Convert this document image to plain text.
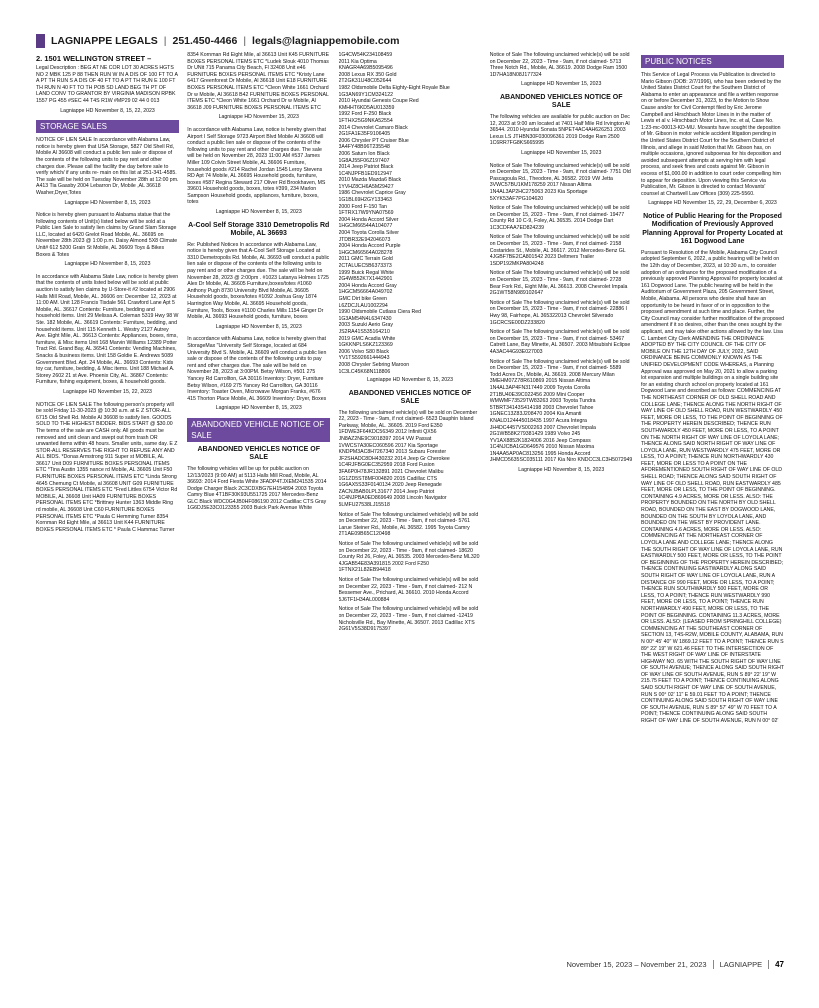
LAGNIAPPE LEGALS | 251.450-4466 | legals@lagniappemobile.com
2. 1501 WELLINGTON STREET –

Legal Description : BEG AT NE COR LOT 30 ACRES HGTS NO 2 MBK 125 P 88 THEN RUN W IN A DIS OF 100 FT TO A A PT TH RUN S A DIS OF 40 FT TO A PT TH RUN E 100 FT TH RUN N 40 FT TO TH POB SD LAND BEG TH PT OF LAND CONV TO GRANTOR BY VIRGINIA MADISON RPBK 1557 PG 455 #SEC 44 T4S R1W #MP29 02 44 0 013

Lagniappe HD November 8, 15, 22, 2023
STORAGE SALES

NOTICE OF LIEN SALE In accordance with Alabama Law, notice is hereby given that USA Storage, 5827 Old Shell Rd, Mobile Al 36608 will conduct a public lien sale or dispose of the contents of the following units to pay rent and other charges due. Please call the facility the day before sale to verify which/ if any units re- main on this list at 251-341-4585. The sale will be held on Tuesday November 28th at 12:00 pm. A413 Tia Gaasby 2004 Lebarron Dr, Mobile ,AL 36618 Washer,Dryer,Totes

Lagniappe HD November 8, 15, 2023

Notice is hereby given pursuant to Alabama statue that the following contents of Unit(s) listed below will be sold at a Public Lien Sale to satisfy lien claims by Grand Slam Storage LLC, located at 6420 Grelot Road Mobile, AL. 36695 on November 28th 2023 @ 1:00 p.m. Daisy Almond 5X8 Climate Unit# 612 5200 Grain St Mobile, AL 36609 Toys & Bikes Boxes & Totes

Lagniappe HD November 8, 15, 2023

In accordance with Alabama State Law, notice is hereby given that the contents of units listed below will be sold at public auction to satisfy lien claims by U-Store-it #2 located at 2906 Halls Mill Road, Mobile, AL. 36606 on: December 12, 2023 at 11:00 AM. Unit 128 Francis Tisdale 561 Crawford Lane Apt 5 Mobile, AL. 36617 Contents: Furniture, bedding and household items. Unit 29 Melissa A. Coleman 5319 Hwy 98 W Ste. 182 Mobile, AL. 36619 Contents: Furniture, bedding, and household items. Unit 115 Kenneth L. Westry 2127 Autrey Ave. Eight Mile, AL. 36613 Contents: Appliances, boxes, rims, furniture, & Misc items Unit 168 Marvin Williams 12389 Potter Tract Rd. Grand Bay, AL 36541 Contents: Vending Machines, Snacks & business items. Unit 158 Goldie E. Andrews 5089 Government Blvd. Apt. 24 Mobile, AL. 36693 Contents: Kids toy car, furniture, bedding, & Misc items. Unit 188 Michael A. Storey 2602 21 st Ave. Phoenix City, AL. 36867 Contents: Furniture, fishing equipment, boxes, & household goods.

Lagniappe HD November 15, 22, 2023

NOTICE OF LIEN SALE The following person's property will be sold Friday 11-30-2023 @ 10:30 a.m. at E Z STOR-ALL 6715 Old Shell Rd. Mobile Al 36608 to satisfy lien. GOODS SOLD TO THE HIGHEST BIDDER. BIDS START @ $30.00 The terms of the sale are CASH only. All goods must be removed and unit clean and swept out from trash OR unwanted items within 48 hours. Smaller units, same day. E Z STOR-ALL RESERVES THE RIGHT TO REFUSE ANY AND ALL BIDS. *Donas Armstrong 911 Super st MOBILE, AL 36617 Unit D09 FURNITURE BOXES PERSONAL ITEMS ETC *Tina Austin 1355 nance rd Mobile, AL 36605 Unit F50 FURNITURE BOXES PERSONAL ITEMS ETC *Linda Strong 4645 Chemung Ct Mobile, al 36608 UNIT G09 FURNITURE BOXES PERSONAL ITEMS ETC *Fred Littles 6754 Victor Rd MOBILE, AL 36608 Unit HA09 FURNITURE BOXES PERSONAL ITEMS ETC *Brittney Hunter 1363 Middle Ring rd mobile, AL 36608 Unit C60 FURNITURE BOXES PERSONAL ITEMS ETC *Paula C Hemming Turner 8354 Kornman Rd Eight Mile, al 36613 Unit K44 FURNITURE BOXES PERSONAL ITEMS ETC * Paula C Hammac Turner

8354 Kornman Rd Eight Mile, al 36613 Unit K45 FURNITURE BOXES PERSONAL ITEMS ETC *Ludek Slouk 4010 Thomas Dr UNit 715 Panama City Beach, Fl 32408 Unit e46 FURNITURE BOXES PERSONAL ITEMS ETC *Kristy Lane 6417 Greenforest Dr Mobile, Al 36618 Unit E18 FURNITURE BOXES PERSONAL ITEMS ETC *Cleon White 1661 Orchard Dr w Mobile, Al 36618 B42 FURNITURE BOXES PERSONAL ITEMS ETC *Cleon White 1661 Orchard Dr w Mobile, Al 36618 J09 FURNITURE BOXES PERSONAL ITEMS ETC

Lagniappe HD November 15, 2023

In accordance with Alabama Law, notice is hereby given that Airport I Self Storage 9723 Airport Blvd Mobile Al 36608 will conduct a public lien sale or dispose of the contents of the following units to pay rent and other charges due. The sale will be held on November 28, 2023 11:00 AM #537 James Miller 109 Colvin Street Mobile, AL 36606 Furniture, household goods #214 Rachel Jordan 1545 Leroy Stevens RD Apt 74 Mobile, AL 36695 Household goods, furniture, boxes #587 Regina Steward 217 Oliver Rd Brookhaven, MS 39601 Household goods, boxes, totes #399, 234 Marlon Sampson Household goods, appliances, furniture, boxes, totes

Lagniappe HD November 8, 15, 2023
A-Cool Self Storage 3310 Demetropolis Rd Mobile, AL 36693

Re: Published Notices In accordance with Alabama Law, notice is hereby given that A-Cool Self Storage Located at 3310 Demetropolis Rd. Mobile, AL 36693 will conduct a public lien sale or dispose of the contents of the following units to pay rent and or other charges due. The sale will be held on November 28, 2023 @ 2:00pm . #1023 Latanya Holmes 1725 Alex Dr Mobile, AL 36605 Furniture,boxes/totes #1060 Anthony Pugh 8730 University Blvd Mobile,AL 36605 Household goods, boxes/totes #1092 Joshua Gray 1874 Harrington Way Mobile, AL 36695 Household goods, Furniture, Tools, Boxes #1100 Charles Mills 1154 Ginger Dr Mobile, AL 36693 Household goods, furniture, boxes

Lagniappe HD November 8, 15, 2023

In accordance with Alabama Law, notice is hereby given that StorageMax "University Self Storage, located at 684 University Blvd S. Mobile, AL 36609 will conduct a public lien sale or dispose of the contents of the following units to pay rent and other charges due. The sale will be held on November 28, 2023 at 3:00PM. Betsy Wilson, #501 275 Yancey Rd Carrollton, GA 30116 Inventory: Dryer, Furniture Betsy Wilson, #169 275 Yancey Rd Carrollton, GA 30116 Inventory: Toaster Oven, Microwave Morgan Franks, #676 415 Thorton Place Mobile, AL 36609 Inventory: Dryer, Boxes

Lagniappe HD November 8, 15, 2023
ABANDONED VEHICLE NOTICE OF SALE
ABANDONED VEHICLES NOTICE OF SALE

The following vehicles will be up for public auction on 12/13/2023 (9:00 AM) at 5113 Halls Mill Road, Mobile, AL 36693: 2014 Ford Fiesta White 3FADP4TJXEM241535 2014 Dodge Charger Black 2C3CDXBG7EH154894 2003 Toyota Camry Blue 4T1BF30K93U551725 2017 Mercedes-Benz GLC Black WDC0G4JB0HF086190 2012 Cadillac CTS Gray 1G6DJ5E33C0123355 2003 Buick Park Avenue White

1G4CW54K234108459
2011 Kia Optima
KNAGR4A69B5095496
2008 Lexus RX 350 Gold
2T2GK31U48C052644
1982 Oldsmobile Delta Eighty-Eight Royale Blue
1G3AN69Y1CM324122
2010 Hyundai Genesis Coupe Red
KMHHT6KD5AU013359
1992 Ford F-250 Black
1FTHX25G9NKA52554
2014 Chevrolet Camaro Black
2G1FA1E35F9106405
2006 Chrysler PT Cruiser Blue
3A4FY48B96T235548
2006 Saturn Ion Black
1G8AJ55F06Z197407
2014 Jeep Patriot Black
1C4NJPFB1ED912947
2010 Mazda Mazda6 Black
1YVHZ8CH6A5M29427
1986 Chevrolet Caprice Gray
1G1BL69H2GY133463
2000 Ford F-150 Tan
1FTRX17W9YNA07569
2004 Honda Accord Silver
1HGCM66544A104077
2004 Toyota Corolla Silver
JTDBR32E942046073
2004 Honda Accord Purple
1HGCM66564A028278
2011 GMC Terrain Gold
2CTALUEC5B6373373
1999 Buick Regal White
2G4WB52K7X1442901
2004 Honda Accord Gray
1HGCM56664A049702
GMC Dirt bike Green
L6ZDCJLAU1002294
1990 Oldsmobile Cutlass Ciera Red
1G3AM54N4L6347430
2003 Suzuki Aerio Gray
JS2RA41S535164210
2019 GMC Acadia White
1GKKNPLS6KZ123369
2006 Volvo S80 Black
YV1TS592661444943
2008 Chrysler Sebring Maroon
1C3LC45K68N118806
Lagniappe HD November 8, 15, 2023
ABANDONED VEHICLES NOTICE OF SALE

The following unclaimed vehicle(s) will be sold on December 22, 2023 - Time - 9am, if not claimed- 6523 Dauphin Island Parkway, Mobile, AL. 36605. 2019 Ford E350 1FDWE3F64KDC56349 2012 Infiniti QX56 JN8AZ2NE9C9018397 2014 VW Passat 1VWCS7A30EC060596 2017 Kia Sportage KNDPM3AC8H7267340 2013 Subaru Forester JF2SHADC8DH430232 2014 Jeep Gr Cherokee 1C4RJFBG0EC352959 2018 Ford Fusion 3FA6P0H78JR132891 2021 Chevrolet Malibu 1G1ZD5ST8MF004820 2015 Cadillac CTS 1G6AX5S33F0140134 2020 Jeep Renegade ZACNJBAB0LPL31677 2014 Jeep Patriot 1C4NJPBA0ED869649 2008 Lincoln Navigator 5LMFU27538LJ15518

Notice of Sale The following unclaimed vehicle(s) will be sold on December 22, 2023 - Time - 9am, if not claimed- 5761 Larue Steiner Rd., Mobile, AL 36582. 1995 Toyota Camry 2T1AE09B65C120498

Notice of Sale The following unclaimed vehicle(s) will be sold on December 22, 2023 - Time - 9am, if not claimed- 18620 County Rd 26, Foley, AL 36535. 2003 Mercedes-Benz ML320 4JGAB54E83A391815 2002 Ford F250 1FTNX21L82EB94418

Notice of Sale The following unclaimed vehicle(s) will be sold on December 22, 2023 - Time - 9am, if not claimed- 212 N Bessemer Ave., Prichard, AL 36610. 2010 Honda Accord 5J6TF1H34AL000884

Notice of Sale The following unclaimed vehicle(s) will be sold on December 22, 2023 - Time - 9am, if not claimed -12419 Nicholsville Rd., Bay Minette, AL 36507. 2013 Cadillac XTS 2G61V5S38D9175397

Notice of Sale The following unclaimed vehicle(s) will be sold on December 22, 2023 - Time - 9am, if not claimed- 5713 Three Notch Rd., Mobile, AL 36619. 2008 Dodge Ram 1500 1D7HA18N08J177324

Lagniappe HD November 15, 2023
ABANDONED VEHICLES NOTICE OF SALE

The following vehicles are available for public auction on Dec 12, 2023 at 9:00 am located at 7401 Half Mile Rd Irvington Al 36544. 2010 Hyundai Sonata 5NPET4AC4AH626251 2003 Lexus LS JTHBN30F030096361 2019 Dodge Ram 2500 1C6RR7FG8KS665995

Lagniappe HD November 15, 2023

Notice of Sale The following unclaimed vehicle(s) will be sold on December 15, 2023 - Time - 9am, if not claimed- 7751 Old Pascagoula Rd., Theodore, AL 36582. 2019 VW Jetta 3VWC57BU1KM178259 2017 Nissan Altima 1N4AL3AP2HC275063 2023 Kia Sportage 5XYK53AF7PG104620

Notice of Sale The following unclaimed vehicle(s) will be sold on December 15, 2023 - Time - 9am, if not claimed- 19477 County Rd 10 C-9, Foley, AL 36535. 2014 Dodge Dart 1C3CDFAA7ED824239

Notice of Sale The following unclaimed vehicle(s) will be sold on December 15, 2023 - Time - 9am, if not claimed- 2158 Costarides St., Mobile, AL 36617. 2012 Mercedes-Benz GL 4JGBF7BE2CA801542 2023 Deltmers Trailer 1SDP192MKPA804248

Notice of Sale The following unclaimed vehicle(s) will be sold on December 15, 2023 - Time - 9am, if not claimed- 2728 Bear Fork Rd., Eight Mile, AL 36613. 2008 Chevrolet Impala 2G1WT58N989102647

Notice of Sale The following unclaimed vehicle(s) will be sold on December 15, 2023 - Time - 9am, if not claimed- 22886 I Hwy 98, Fairhope, AL 365322013 Chevrolet Silverado 1GCRCSE00DZ233820

Notice of Sale The following unclaimed vehicle(s) will be sold on December 15, 2023 - Time - 9am, if not claimed- 53467 Catrett Lane, Bay Minette, AL 36507. 2003 Mitsubishi Eclipse 4A3AC44G93E027003

Notice of Sale The following unclaimed vehicle(s) will be sold on December 15, 2023 - Time - 9am, if not claimed- 5589 Todd Acres Dr., Mobile, AL 36619. 2008 Mercury Milan 3MEHM07Z78R610869 2015 Nissan Altima 1N4AL3AP4FN317449 2009 Toyota Corolla 2T1BU40E39C022456 2009 Mini Cooper WMWMF73529TW83263 2003 Toyota Tundra 5TBRT34143S414198 2003 Chevrolet Tahoe 1GNEC13Z83J208470 2004 Kia Amanti KNALD124445018435 1997 Acura Integra JH4DC4457VS002263 2007 Chevrolet Impala 2G1WB58K279381429 1989 Volvo 245 YV1AX8852K1824006 2016 Jeep Compass 1C4NJCBA1GD649576 2010 Nissan Maxima 1N4AA5AP0AC813256 1995 Honda Accord JHMCD5635SC035111 2017 Kia Niro KNDCC3LC3H5072949

Lagniappe HD November 8, 15, 2023
PUBLIC NOTICES

This Service of Legal Process via Publication is directed to Mario Gibson (DOB: 2/7/1996), who has been ordered by the United States District Court for the Southern District of Alabama to enter an appearance and file a written response on or before December 31, 2023, to the Motion to Show Cause and/or for Civil Contempt filed by Eric Jerome Campbell and Hirschbach Motor Lines in in the matter of Lewis et al v. Hirschbach Motor Lines, Inc. et al, Case No. 1:23-mc-00013-KD-MU. Movants have sought the deposition of Mr. Gibson in motor vehicle accident litigation pending in the United States District Court for the Southern District of Illinois, and allege in said Motion that Mr. Gibson has, on multiple occasions, ignored subpoenas for his deposition and avoided subsequent attempts at serving him with legal process, and seek fines and costs against Mr. Gibson in excess of $1,000.00 in addition to court order compelling him to appear for deposition. Upon viewing this Service via Publication, Mr. Gibson is directed to contact Movants' counsel at Chartwell Law Offices (309) 225-5560.

Lagniappe HD November 15, 22, 29, December 6, 2023
Notice of Public Hearing for the Proposed Modification of Previously Approved Planning Approval for Property Located at 161 Dogwood Lane

Pursuant to Resolution of the Mobile, Alabama City Council adopted September 6, 2022, a public hearing will be held on the 12th day of December, 2023, at 10:30 a.m., to consider adoption of an ordinance for the proposed modification of a previously approved Planning Approval for property located at 161 Dogwood Lane. The public hearing will be held in the Auditorium of Government Plaza, 205 Government Street, Mobile, Alabama. All persons who desire shall have an opportunity to be heard in favor of or in opposition to the proposed amendment at such time and place. Further, the City Council may consider further modification of the proposed amendment if it so desires, other than the ones sought by the applicant, and may take other actions allowed by the law. Lisa C. Lambert City Clerk AMENDING THE ORDINANCE ADOPTED BY THE CITY COUNCIL OF THE CITY OF MOBILE ON THE 12TH DAY OF JULY, 2022, SAID ORDINANCE BEING COMMONLY KNOWN AS THE UNIFIED DEVELOPMENT CODE WHEREAS, a Planning Approval was approved on May 20, 2021 to allow a parking lot expansion and multiple buildings on a single building site for an existing church school on property located at 161 Dogwood Lane and described as follows: COMMENCING AT THE NORTHEAST CORNER OF OLD SHELL ROAD AND COLLEGE LANE; THENCE ALONG THE NORTH RIGHT OF WAY LINE OF OLD SHELL ROAD, RUN WESTWARDLY 450 FEET, MORE OR LESS, TO THE POINT OF BEGINNING OF THE PROPERTY HEREIN DESCRIBED; THENCE RUN SOUTHWARDLY 450 FEET, MORE OR LESS, TO A POINT ON THE NORTH RIGHT OF WAY LINE OF LOYOLA LANE; THENCE ALONG SAID NORTH RIGHT OF WAY LINE OF LOYOLA LANE, RUN WESTWARDLY 475 FEET, MORE OR LESS, TO A POINT; THENCE RUN NORTHWARDLY 430 FEET, MORE OR LESS TO A POINT ON THE AFOREMENTIONED SOUTH RIGHT OF WAY LINE OF OLD SHELL ROAD; THENCE ALONG SAID SOUTH RIGHT OF WAY LINE OF OLD SHELL ROAD, RUN EASTWARDLY 485 FEET, MORE OR LESS, TO THE POINT OF BEGINNING. CONTAINING 4.9 ACRES, MORE OR LESS. ALSO: THE PROPERTY BOUNDED ON THE NORTH BY OLD SHELL ROAD, BOUNDED ON THE EAST BY DOGWOOD LANE, BOUNDED ON THE SOUTH BY LOYOLA LANE, AND BOUNDED ON THE WEST BY PROVIDENT LANE. CONTAINING 4.6 ACRES, MORE OR LESS. ALSO: COMMENCING AT THE NORTHEAST CORNER OF LOYOLA LANE AND COLLEGE LANE; THENCE ALONG THE SOUTH RIGHT OF WAY LINE OF LOYOLA LANE, RUN EASTWARDLY 500 FEET, MORE OR LESS, TO THE POINT OF BEGINNING OF THE PROPERTY HEREIN DESCRIBED; THENCE CONTINUING EASTWARDLY ALONG SAID SOUTH RIGHT OF WAY LINE OF LOYOLA LANE, RUN A DISTANCE OF 990 FEET, MORE OR LESS, TO A POINT; THENCE RUN SOUTHWARDLY 500 FEET, MORE OR LESS, TO A POINT; THENCE RUN WESTWARDLY 990 FEET, MORE OR LESS, TO A POINT; THENCE RUN NORTHWARDLY 490 FEET, MORE OR LESS, TO THE POINT OF BEGINNING. CONTAINING 11.3 ACRES, MORE OR LESS. ALSO: (LEASED FROM SPRINGHILL COLLEGE) COMMENCING AT THE SOUTHEAST CORNER OF SECTION 13, T4S-R2W, MOBILE COUNTY, ALABAMA, RUN N 00° 45' 40" W 1869.12 FEET TO A POINT; THENCE RUN S 89° 22' 19" W 621.46 FEET TO THE INTERSECTION OF THE WEST RIGHT OF WAY LINE OF INTERSTATE HIGHWAY NO. 65 WITH THE SOUTH RIGHT OF WAY LINE OF SOUTH AVENUE; THENCE ALONG SAID SOUTH RIGHT OF WAY LINE OF SOUTH AVENUE, RUN S 89° 22' 19" W 215.75 FEET TO A POINT; THENCE CONTINUING ALONG SAID SOUTH RIGHT OF WAY LINE OF SOUTH AVENUE, RUN S 00° 02' 11" E 59.01 FEET TO A POINT; THENCE CONTINUING ALONG SAID SOUTH RIGHT OF WAY LINE OF SOUTH AVENUE, RUN S 89° 57' 49" W 70 FEET TO A POINT; THENCE CONTINUING ALONG SAID SOUTH RIGHT OF WAY LINE OF SOUTH AVENUE, RUN N 00° 02'

November 15, 2023 – November 21, 2023 LAGNIAPPE 47
